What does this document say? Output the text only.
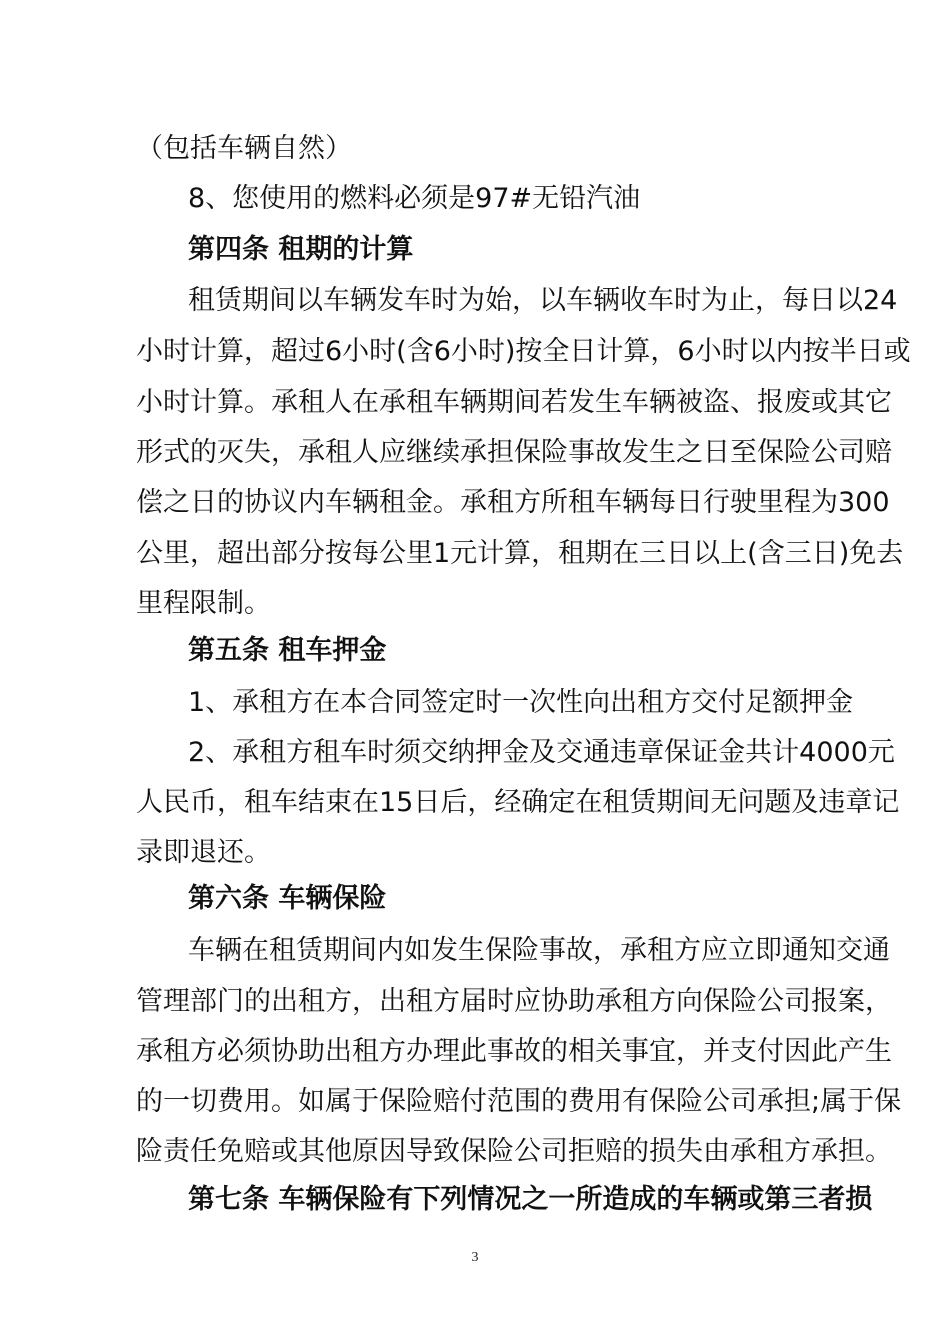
（包括车辆自然）
8、您使用的燃料必须是97#无铅汽油
第四条 租期的计算
租赁期间以车辆发车时为始，以车辆收车时为止，每日以24
小时计算，超过6小时(含6小时)按全日计算，6小时以内按半日或
小时计算。承租人在承租车辆期间若发生车辆被盗、报废或其它
形式的灭失，承租人应继续承担保险事故发生之日至保险公司赔
偿之日的协议内车辆租金。承租方所租车辆每日行驶里程为300
公里，超出部分按每公里1元计算，租期在三日以上(含三日)免去
里程限制。
第五条 租车押金
1、承租方在本合同签定时一次性向出租方交付足额押金
2、承租方租车时须交纳押金及交通违章保证金共计4000元
人民币，租车结束在15日后，经确定在租赁期间无问题及违章记
录即退还。
第六条 车辆保险
车辆在租赁期间内如发生保险事故，承租方应立即通知交通
管理部门的出租方，出租方届时应协助承租方向保险公司报案，
承租方必须协助出租方办理此事故的相关事宜，并支付因此产生
的一切费用。如属于保险赔付范围的费用有保险公司承担;属于保
险责任免赔或其他原因导致保险公司拒赔的损失由承租方承担。
第七条 车辆保险有下列情况之一所造成的车辆或第三者损
3
